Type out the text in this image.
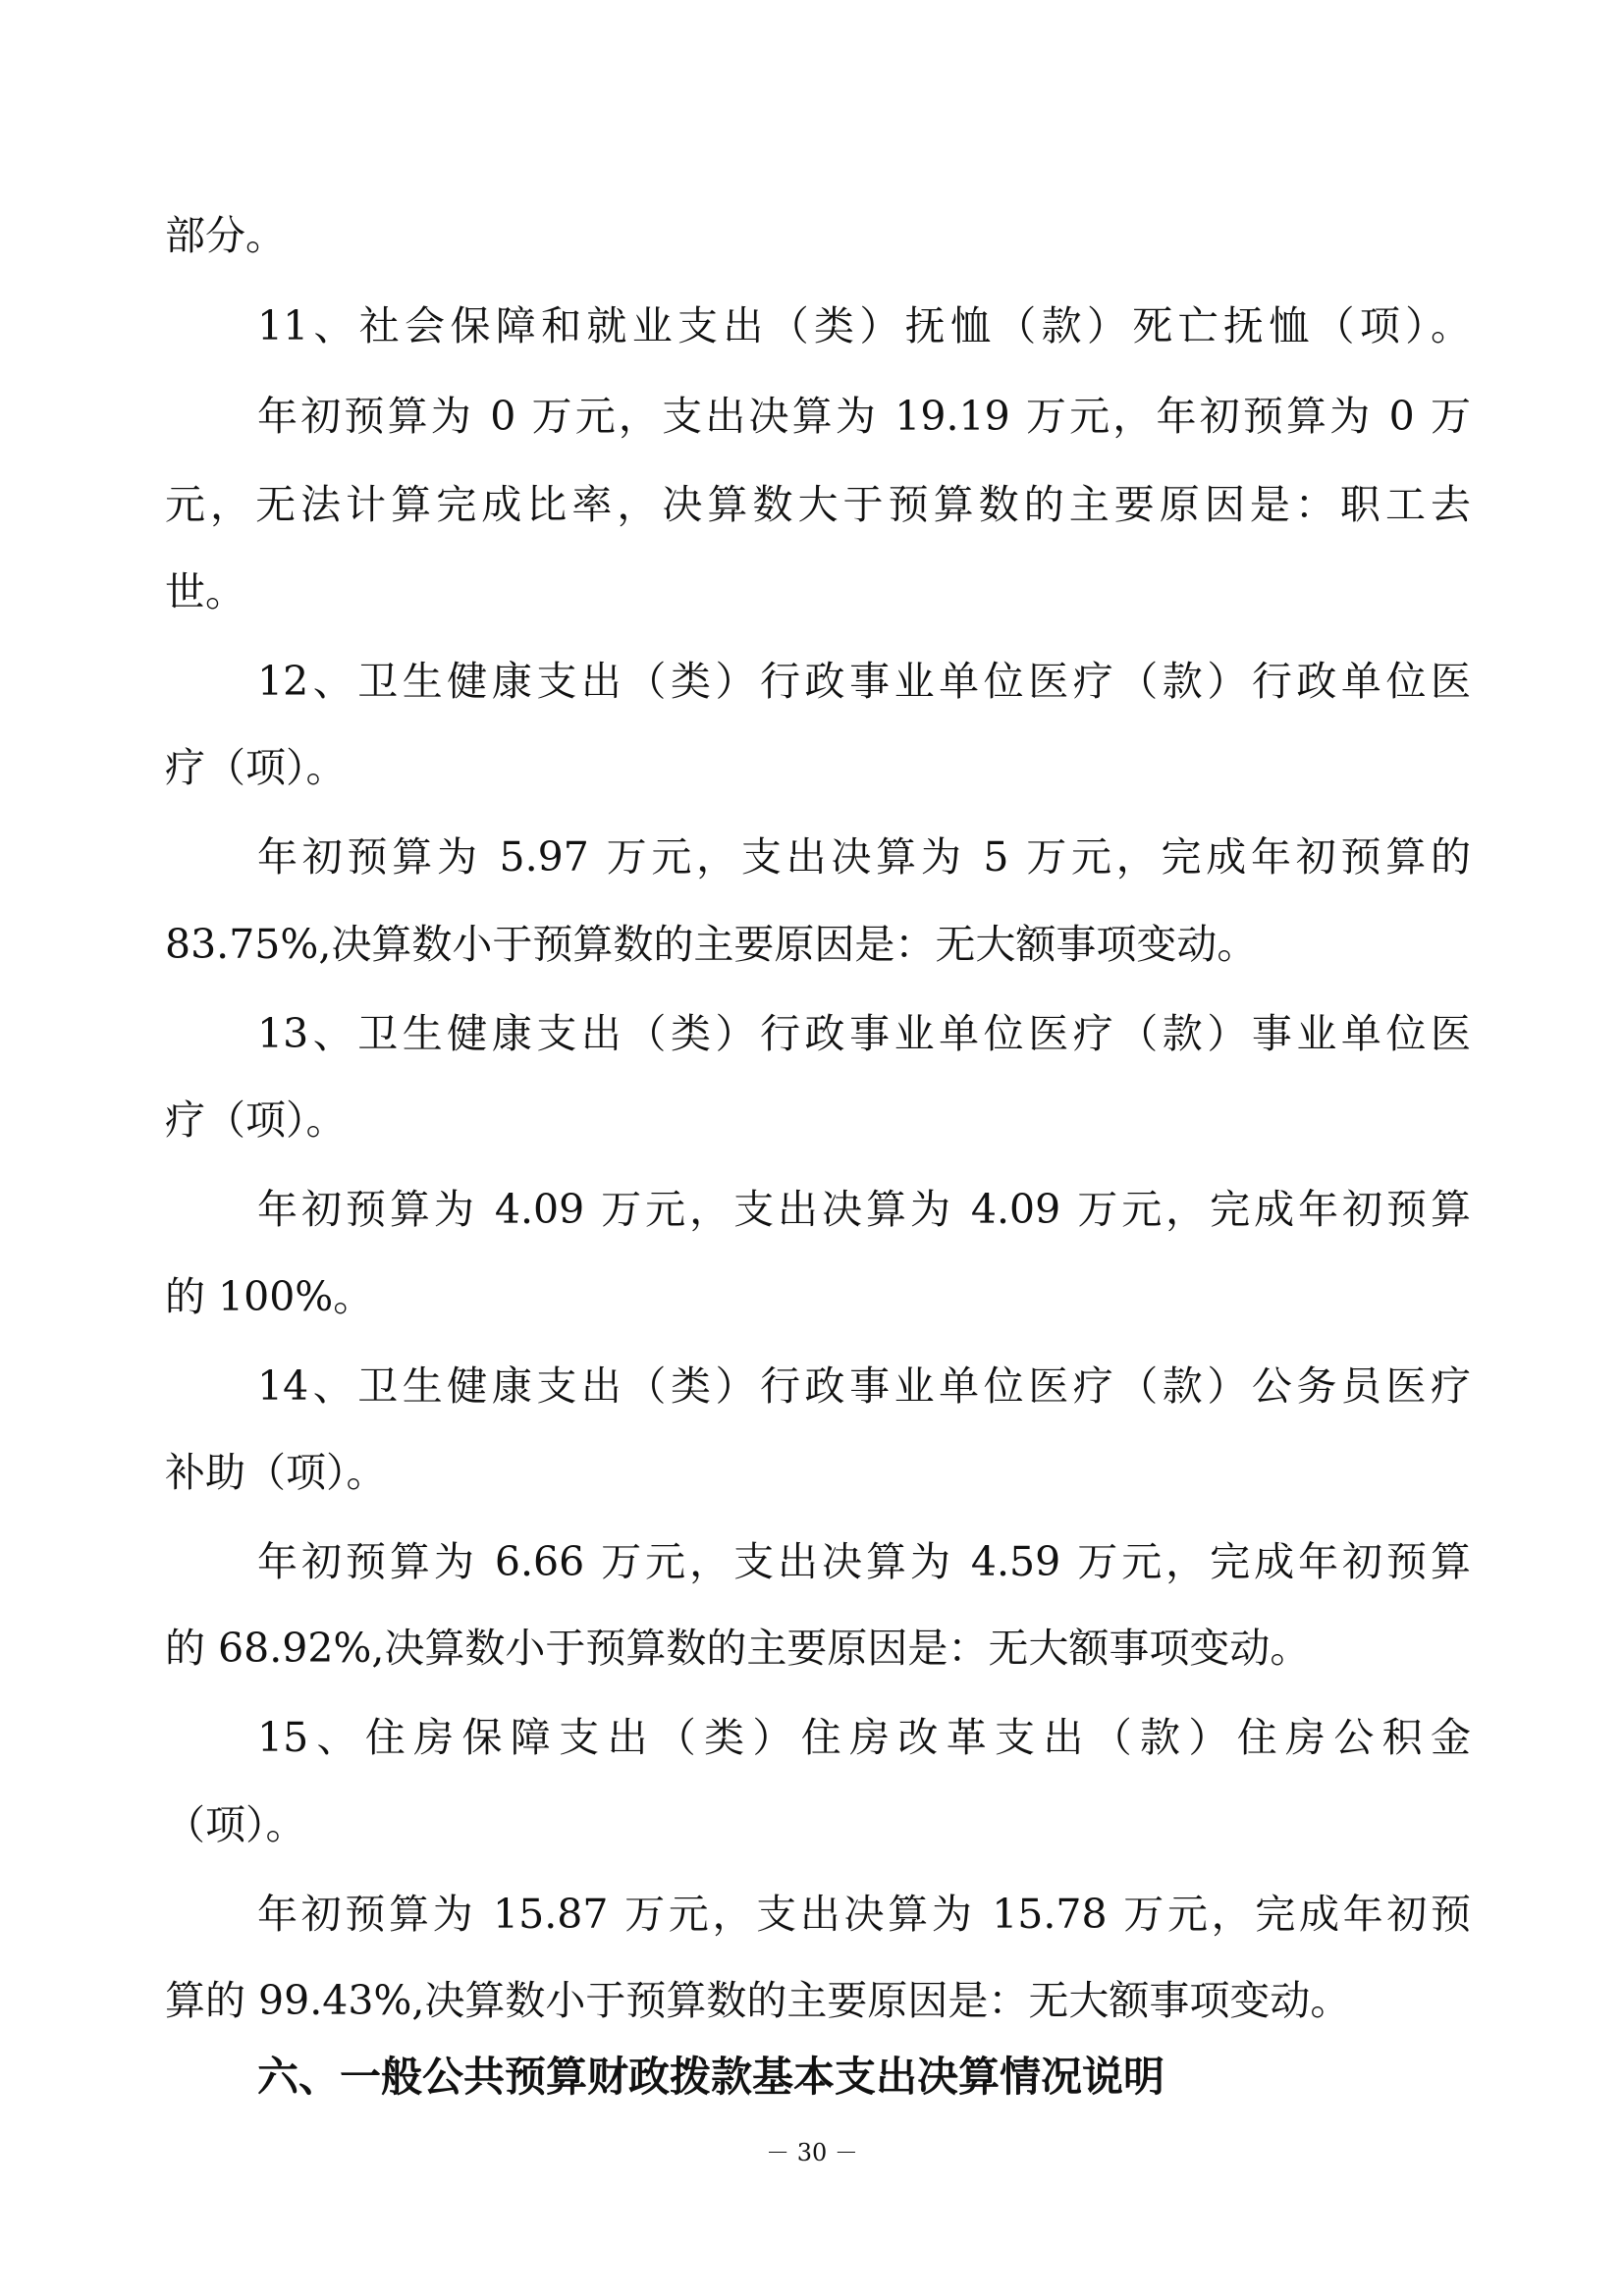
部分。
11、社会保障和就业支出（类）抚恤（款）死亡抚恤（项）。
年初预算为 0 万元，支出决算为 19.19 万元，年初预算为 0 万
元，无法计算完成比率，决算数大于预算数的主要原因是：职工去
世。
12、卫生健康支出（类）行政事业单位医疗（款）行政单位医
疗（项）。
年初预算为 5.97 万元，支出决算为 5 万元，完成年初预算的
83.75%,决算数小于预算数的主要原因是：无大额事项变动。
13、卫生健康支出（类）行政事业单位医疗（款）事业单位医
疗（项）。
年初预算为 4.09 万元，支出决算为 4.09 万元，完成年初预算
的 100%。
14、卫生健康支出（类）行政事业单位医疗（款）公务员医疗
补助（项）。
年初预算为 6.66 万元，支出决算为 4.59 万元，完成年初预算
的 68.92%,决算数小于预算数的主要原因是：无大额事项变动。
15、住房保障支出（类）住房改革支出（款）住房公积金
（项）。
年初预算为 15.87 万元，支出决算为 15.78 万元，完成年初预
算的 99.43%,决算数小于预算数的主要原因是：无大额事项变动。
六、一般公共预算财政拨款基本支出决算情况说明
－ 30 －
